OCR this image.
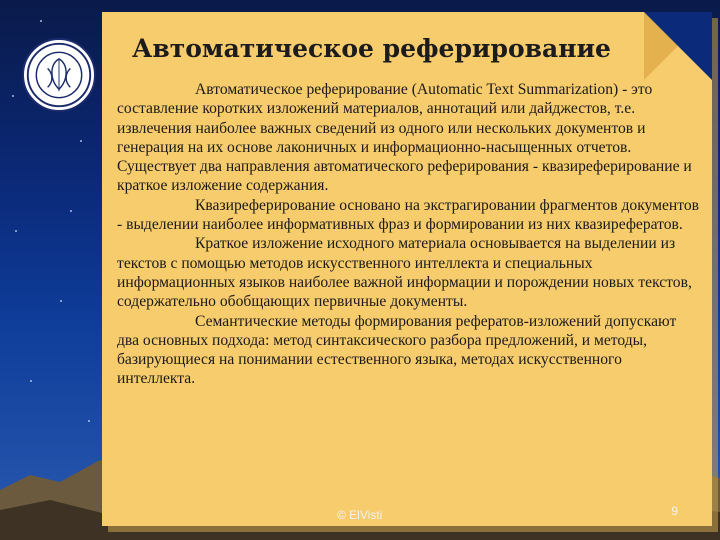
Автоматическое реферирование

Автоматическое реферирование (Automatic Text Summarization) - это составление коротких изложений материалов, аннотаций или дайджестов, т.е. извлечения наиболее важных сведений из одного или нескольких документов и генерация на их основе лаконичных и информационно-насыщенных отчетов. Существует два направления автоматического реферирования - квазиреферирование и краткое изложение содержания.

Квазиреферирование основано на экстрагировании фрагментов документов - выделении наиболее информативных фраз и формировании из них квазирефератов.

Краткое изложение исходного материала основывается на выделении из текстов с помощью методов искусственного интеллекта и специальных информационных языков наиболее важной информации и порождении новых текстов, содержательно обобщающих первичные документы.

Семантические методы формирования рефератов-изложений допускают два основных подхода: метод синтаксического разбора предложений, и методы, базирующиеся на понимании естественного языка, методах искусственного интеллекта.

© ElVisti	9
